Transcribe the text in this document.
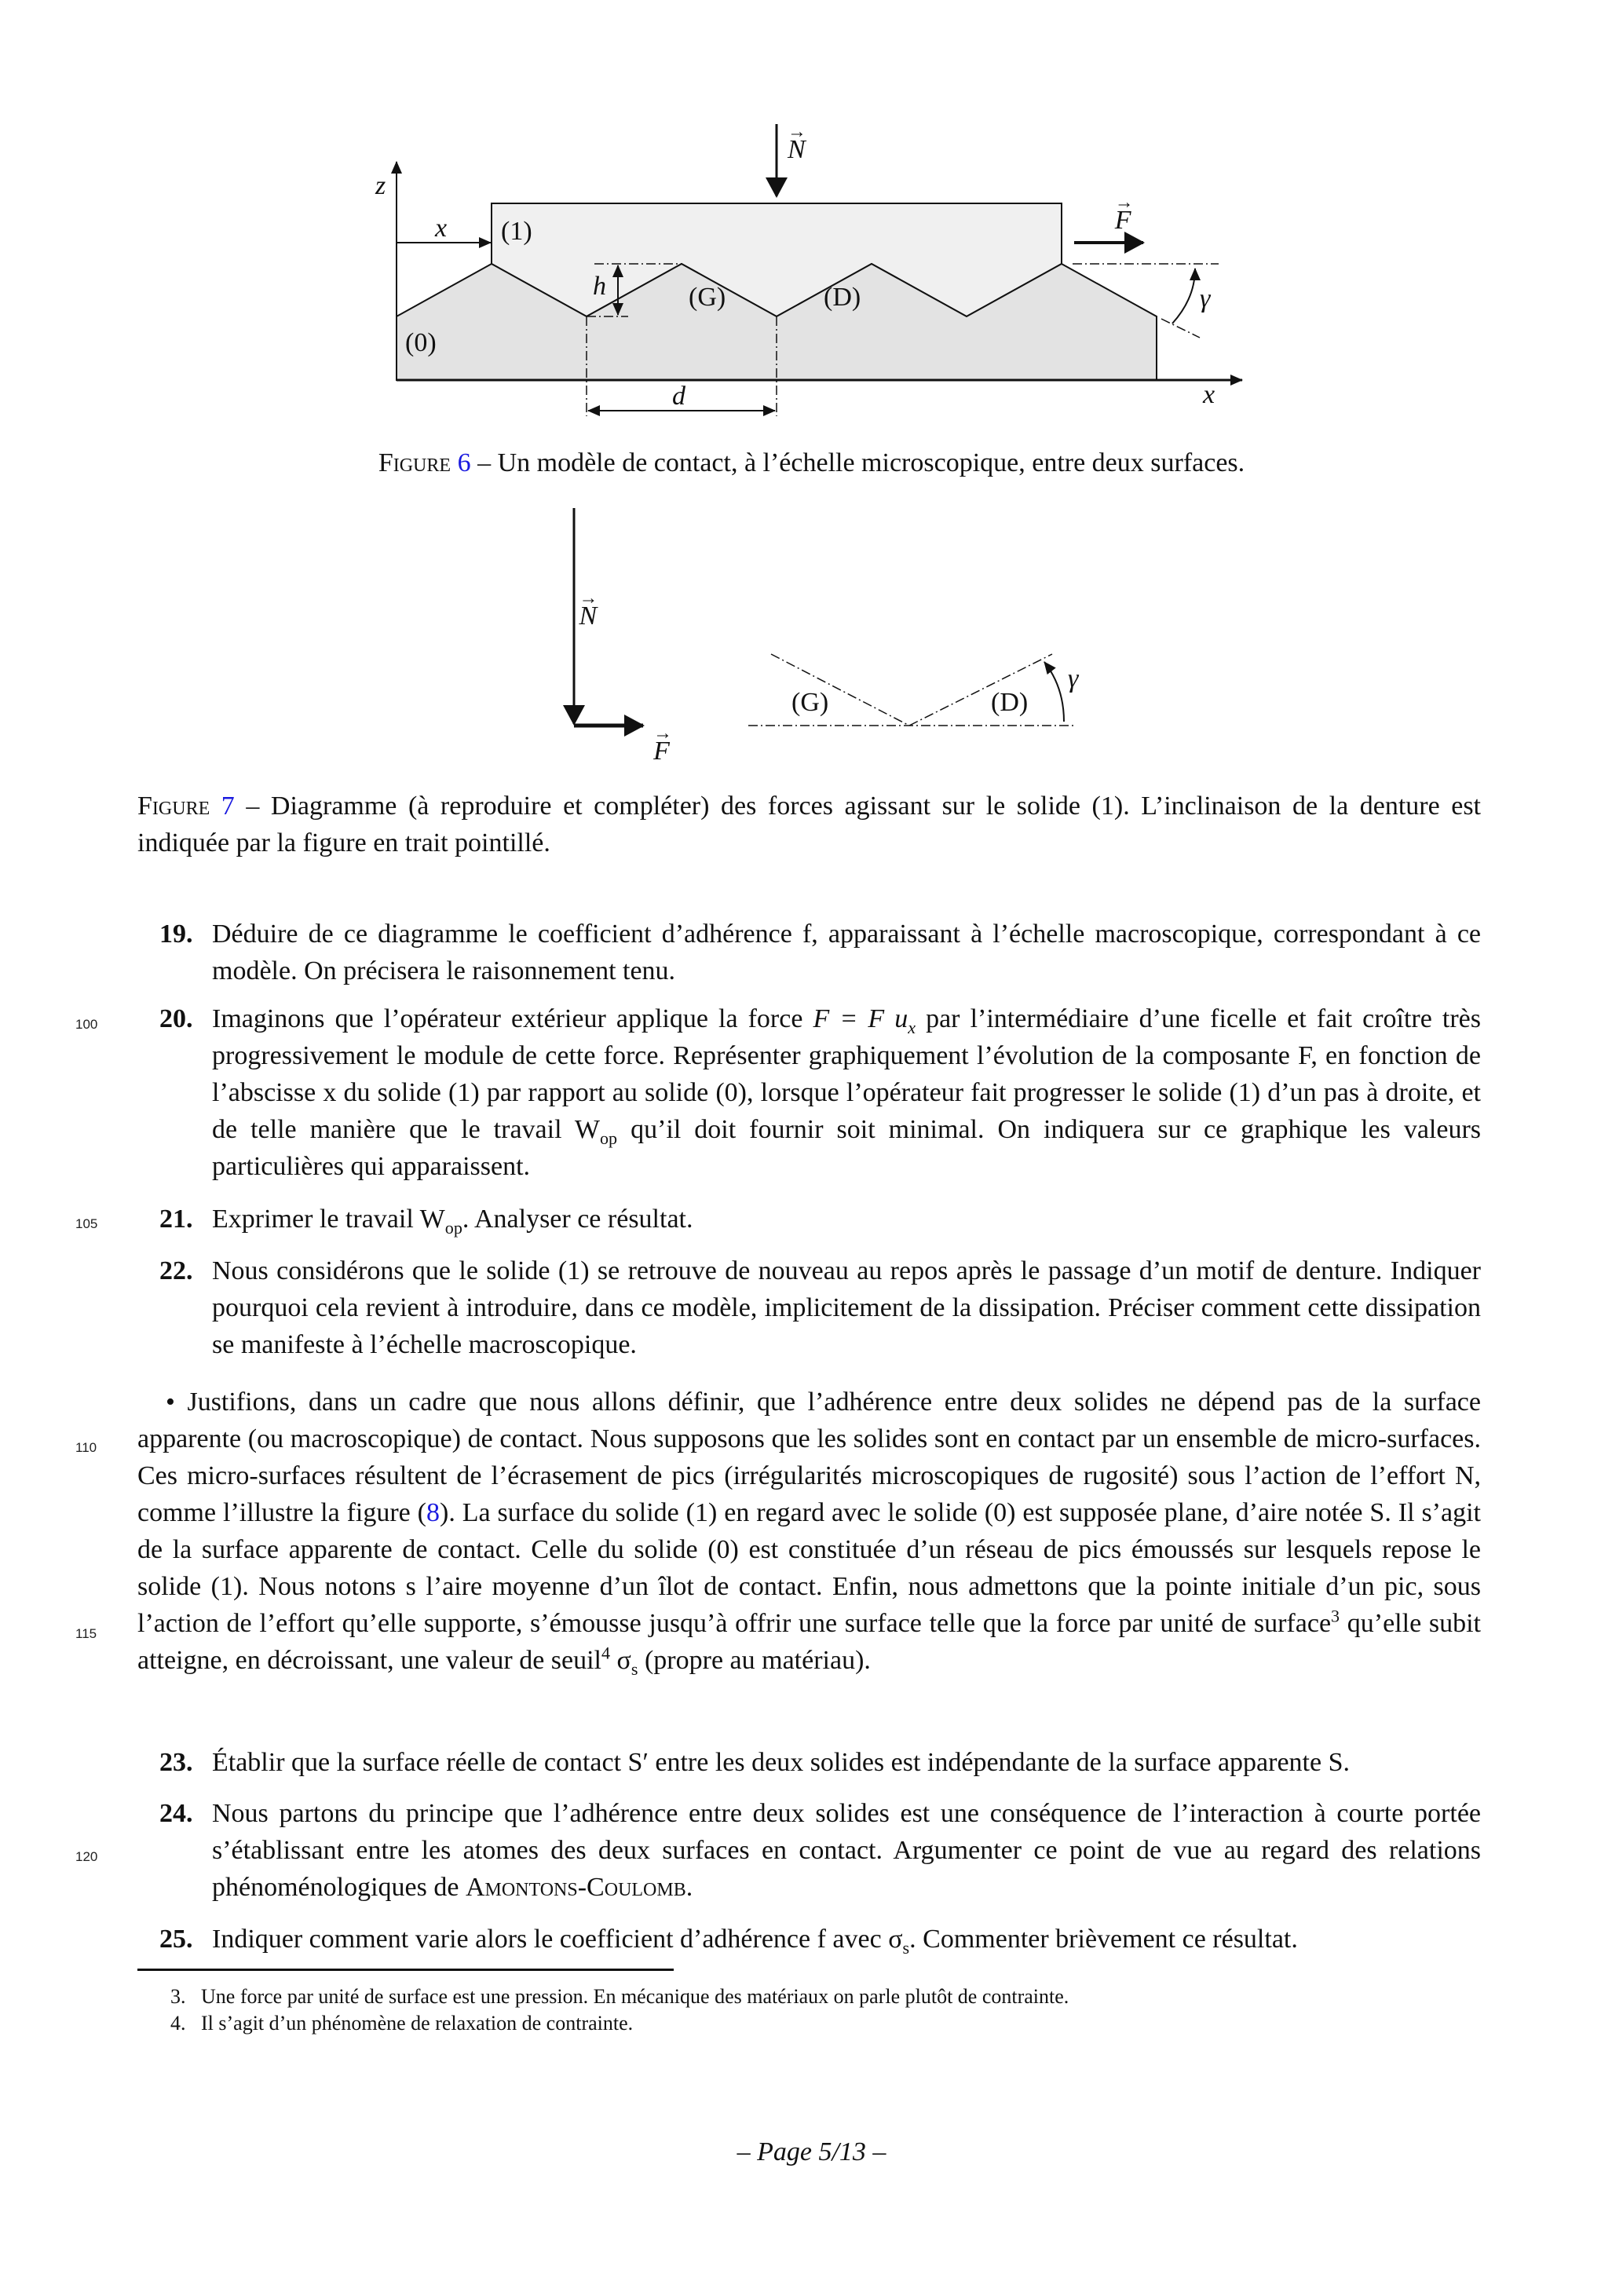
z
x (1)
(0)
h	(G)	(D)
d	x
→ N → F
γ
Figure 6 – Un modèle de contact, à l’échelle microscopique, entre deux surfaces.
→ N → F
(G)	(D)
γ
Figure 7 – Diagramme (à reproduire et compléter) des forces agissant sur le solide (1). L’inclinaison de la denture est indiquée par la figure en trait pointillé.
100
105
110
115
120
19. Déduire de ce diagramme le coefficient d’adhérence f, apparaissant à l’échelle macroscopique, correspondant à ce modèle. On précisera le raisonnement tenu.
20. Imaginons que l’opérateur extérieur applique la force F = F $u_x$ par l’intermédiaire d’une ficelle et fait croître très progressivement le module de cette force. Représenter graphiquement l’évolution de la composante F, en fonction de l’abscisse x du solide (1) par rapport au solide (0), lorsque l’opérateur fait progresser le solide (1) d’un pas à droite, et de telle manière que le travail $W_{op}$ qu’il doit fournir soit minimal. On indiquera sur ce graphique les valeurs particulières qui apparaissent.
21. Exprimer le travail $W_{op}$. Analyser ce résultat.
22. Nous considérons que le solide (1) se retrouve de nouveau au repos après le passage d’un motif de denture. Indiquer pourquoi cela revient à introduire, dans ce modèle, implicitement de la dissipation. Préciser comment cette dissipation se manifeste à l’échelle macroscopique.
• Justifions, dans un cadre que nous allons définir, que l’adhérence entre deux solides ne dépend pas de la surface apparente (ou macroscopique) de contact. Nous supposons que les solides sont en contact par un ensemble de micro-surfaces. Ces micro-surfaces résultent de l’écrasement de pics (irrégularités microscopiques de rugosité) sous l’action de l’effort N, comme l’illustre la figure (8). La surface du solide (1) en regard avec le solide (0) est supposée plane, d’aire notée S. Il s’agit de la surface apparente de contact. Celle du solide (0) est constituée d’un réseau de pics émoussés sur lesquels repose le solide (1). Nous notons s l’aire moyenne d’un îlot de contact. Enfin, nous admettons que la pointe initiale d’un pic, sous l’action de l’effort qu’elle supporte, s’émousse jusqu’à offrir une surface telle que la force par unité de surface$^3$ qu’elle subit atteigne, en décroissant, une valeur de seuil$^4$ $\sigma_s$ (propre au matériau).
23. Établir que la surface réelle de contact S′ entre les deux solides est indépendante de la surface apparente S.
24. Nous partons du principe que l’adhérence entre deux solides est une conséquence de l’interaction à courte portée s’établissant entre les atomes des deux surfaces en contact. Argumenter ce point de vue au regard des relations phénoménologiques de Amontons-Coulomb.
25. Indiquer comment varie alors le coefficient d’adhérence f avec $\sigma_s$. Commenter brièvement ce résultat.
3. Une force par unité de surface est une pression. En mécanique des matériaux on parle plutôt de contrainte.
4. Il s’agit d’un phénomène de relaxation de contrainte.
– Page 5/13 –
